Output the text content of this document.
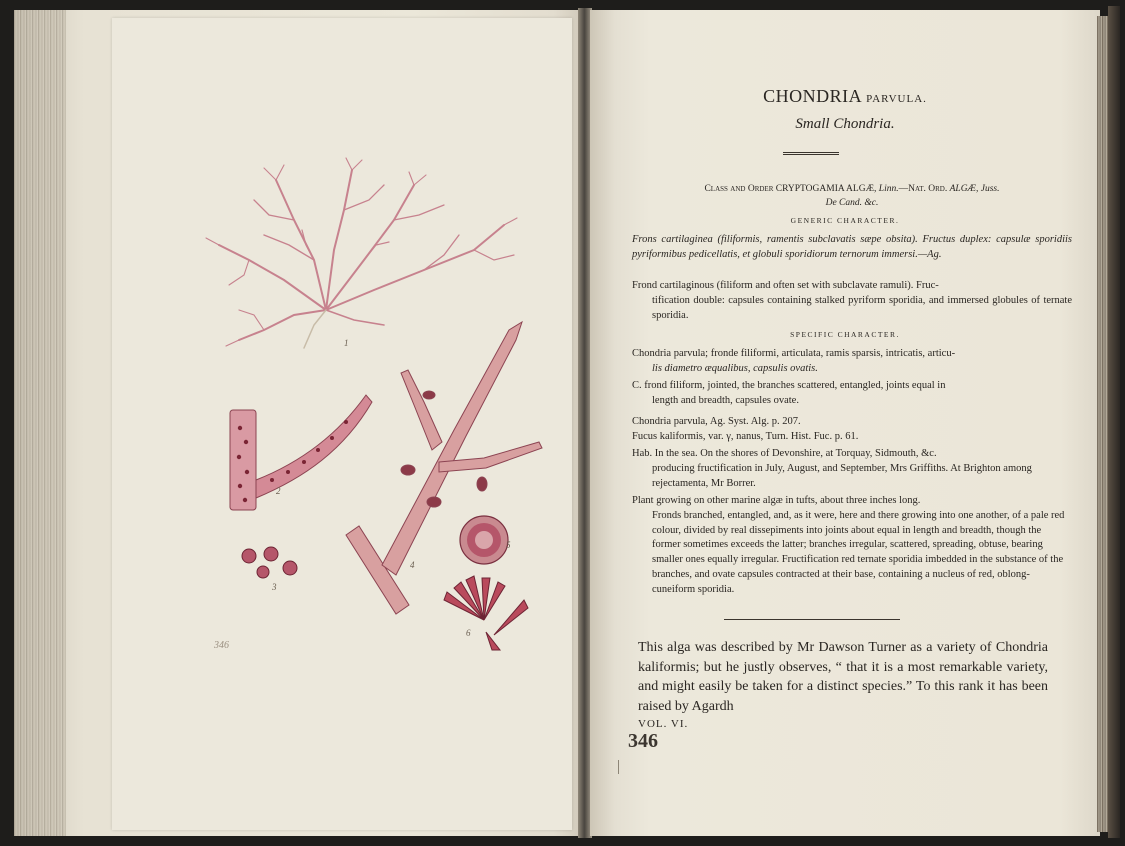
1
2
3
4
5
6
346
CHONDRIA PARVULA.
Small Chondria.
Class and Order CRYPTOGAMIA ALGÆ, Linn.—Nat. Ord. ALGÆ, Juss.
De Cand. &c.
GENERIC CHARACTER.
Frons cartilaginea (filiformis, ramentis subclavatis sæpe obsita). Fructus duplex: capsulæ sporidiis pyriformibus pedicellatis, et globuli sporidiorum ternorum immersi.—Ag.
Frond cartilaginous (filiform and often set with subclavate ramuli). Fruc-
tification double: capsules containing stalked pyriform sporidia, and immersed globules of ternate sporidia.
SPECIFIC CHARACTER.
Chondria parvula; fronde filiformi, articulata, ramis sparsis, intricatis, articu-
lis diametro æqualibus, capsulis ovatis.
C. frond filiform, jointed, the branches scattered, entangled, joints equal in
length and breadth, capsules ovate.
Chondria parvula, Ag. Syst. Alg. p. 207.
Fucus kaliformis, var. γ, nanus, Turn. Hist. Fuc. p. 61.
Hab. In the sea. On the shores of Devonshire, at Torquay, Sidmouth, &c.
producing fructification in July, August, and September, Mrs Griffiths. At Brighton among rejectamenta, Mr Borrer.
Plant growing on other marine algæ in tufts, about three inches long.
Fronds branched, entangled, and, as it were, here and there growing into one another, of a pale red colour, divided by real dissepiments into joints about equal in length and breadth, though the former sometimes exceeds the latter; branches irregular, scattered, spreading, obtuse, bearing smaller ones equally irregular. Fructification red ternate sporidia imbedded in the substance of the branches, and ovate capsules contracted at their base, containing a nucleus of red, oblong-cuneiform sporidia.
This alga was described by Mr Dawson Turner as a variety of Chondria kaliformis; but he justly observes, “ that it is a most remarkable variety, and might easily be taken for a distinct species.” To this rank it has been raised by Agardh
VOL. VI.
346
